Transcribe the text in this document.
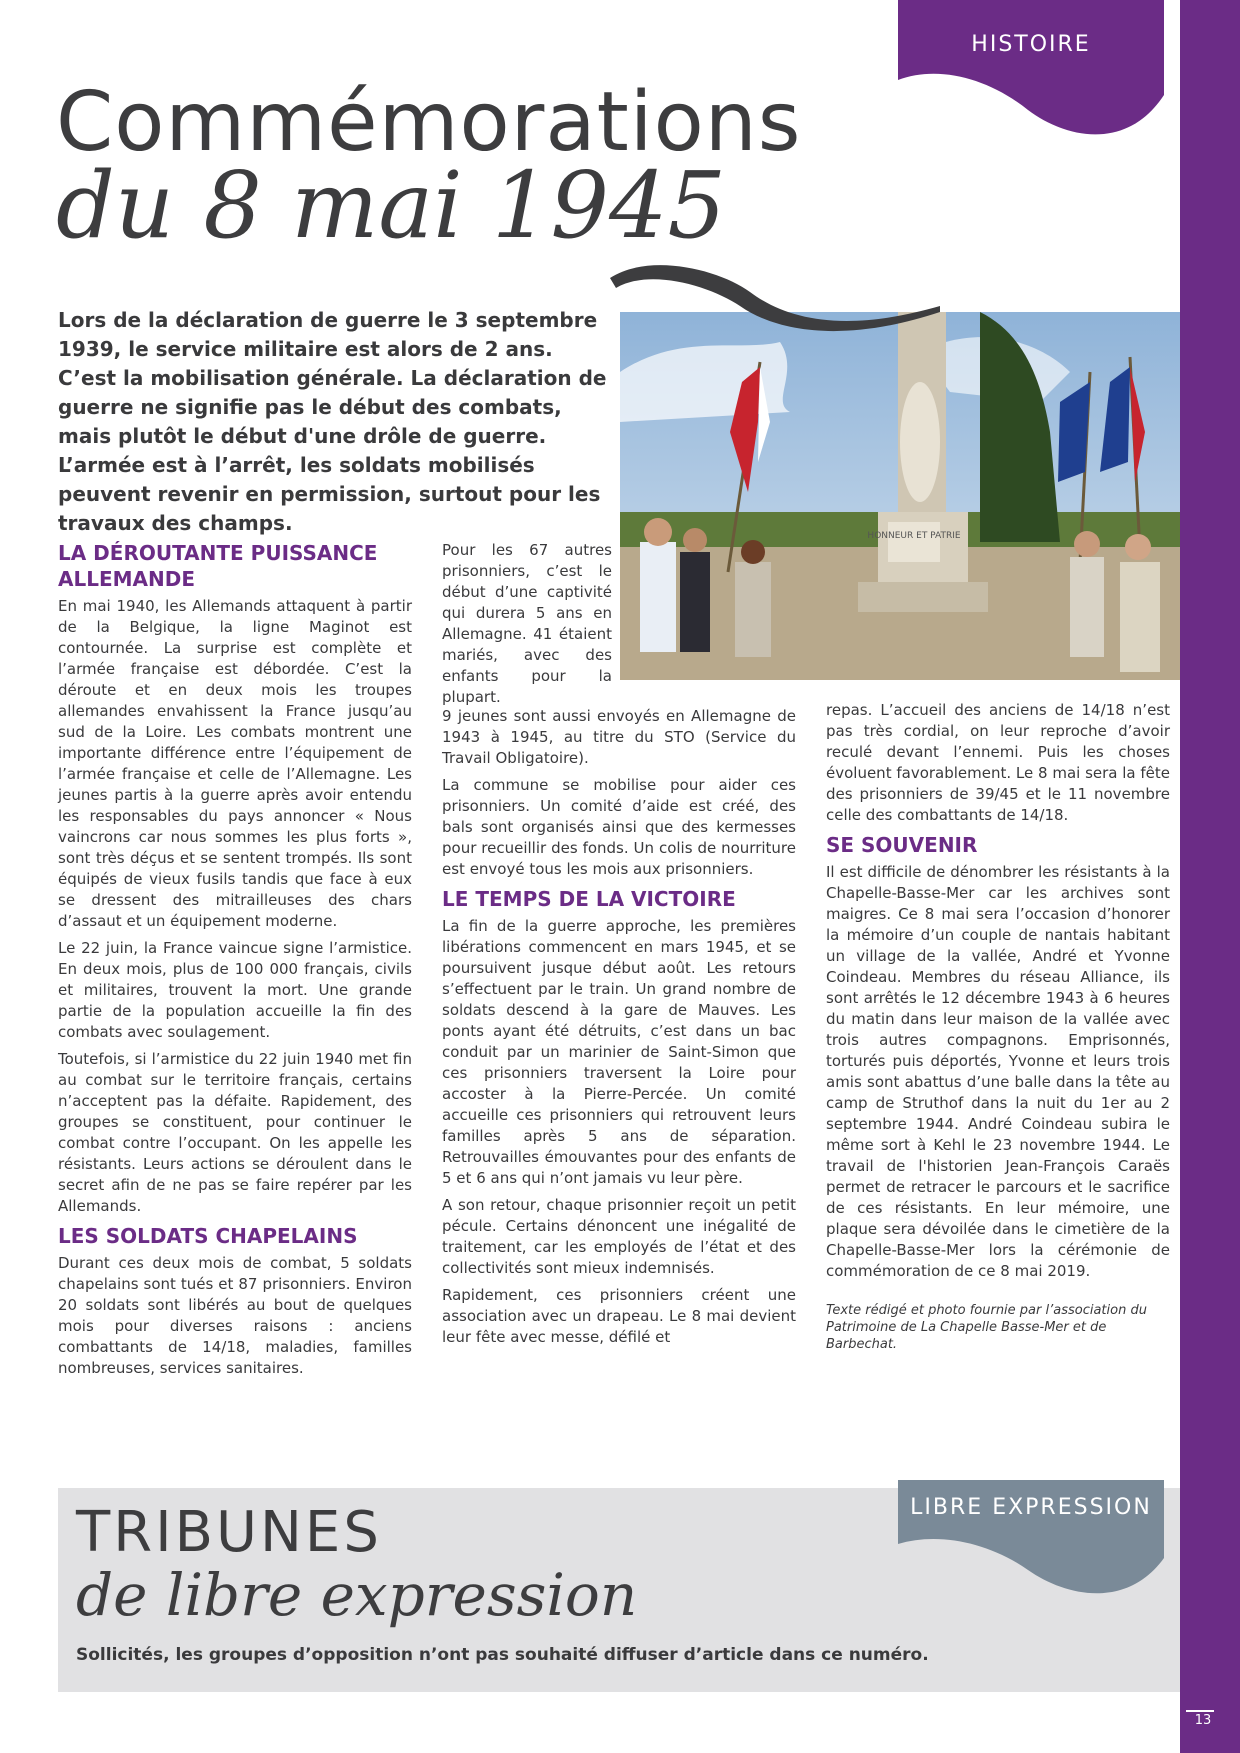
13
HISTOIRE
Commémorations
du 8 mai 1945

Lors de la déclaration de guerre le 3 septembre 1939, le service militaire est alors de 2 ans. C’est la mobilisation générale. La déclaration de guerre ne signifie pas le début des combats, mais plutôt le début d'une drôle de guerre. L’armée est à l’arrêt, les soldats mobilisés peuvent revenir en permission, surtout pour les travaux des champs.

HONNEUR ET PATRIE
LA DÉROUTANTE PUISSANCE ALLEMANDE

En mai 1940, les Allemands attaquent à partir de la Belgique, la ligne Maginot est contournée. La surprise est complète et l’armée française est débordée. C’est la déroute et en deux mois les troupes allemandes envahissent la France jusqu’au sud de la Loire. Les combats montrent une importante différence entre l’équipement de l’armée française et celle de l’Allemagne. Les jeunes partis à la guerre après avoir entendu les responsables du pays annoncer « Nous vaincrons car nous sommes les plus forts », sont très déçus et se sentent trompés. Ils sont équipés de vieux fusils tandis que face à eux se dressent des mitrailleuses des chars d’assaut et un équipement moderne.

Le 22 juin, la France vaincue signe l’armistice. En deux mois, plus de 100 000 français, civils et militaires, trouvent la mort. Une grande partie de la population accueille la fin des combats avec soulagement.

Toutefois, si l’armistice du 22 juin 1940 met fin au combat sur le territoire français, certains n’acceptent pas la défaite. Rapidement, des groupes se constituent, pour continuer le combat contre l’occupant. On les appelle les résistants. Leurs actions se déroulent dans le secret afin de ne pas se faire repérer par les Allemands.

LES SOLDATS CHAPELAINS

Durant ces deux mois de combat, 5 soldats chapelains sont tués et 87 prisonniers. Environ 20 soldats sont libérés au bout de quelques mois pour diverses raisons : anciens combattants de 14/18, maladies, familles nombreuses, services sanitaires.

Pour les 67 autres prisonniers, c’est le début d’une captivité qui durera 5 ans en Allemagne. 41 étaient mariés, avec des enfants pour la plupart.

9 jeunes sont aussi envoyés en Allemagne de 1943 à 1945, au titre du STO (Service du Travail Obligatoire).

La commune se mobilise pour aider ces prisonniers. Un comité d’aide est créé, des bals sont organisés ainsi que des kermesses pour recueillir des fonds. Un colis de nourriture est envoyé tous les mois aux prisonniers.

LE TEMPS DE LA VICTOIRE

La fin de la guerre approche, les premières libérations commencent en mars 1945, et se poursuivent jusque début août. Les retours s’effectuent par le train. Un grand nombre de soldats descend à la gare de Mauves. Les ponts ayant été détruits, c’est dans un bac conduit par un marinier de Saint-Simon que ces prisonniers traversent la Loire pour accoster à la Pierre-Percée. Un comité accueille ces prisonniers qui retrouvent leurs familles après 5 ans de séparation. Retrouvailles émouvantes pour des enfants de 5 et 6 ans qui n’ont jamais vu leur père.

A son retour, chaque prisonnier reçoit un petit pécule. Certains dénoncent une inégalité de traitement, car les employés de l’état et des collectivités sont mieux indemnisés.

Rapidement, ces prisonniers créent une association avec un drapeau. Le 8 mai devient leur fête avec messe, défilé et

repas. L’accueil des anciens de 14/18 n’est pas très cordial, on leur reproche d’avoir reculé devant l’ennemi. Puis les choses évoluent favorablement. Le 8 mai sera la fête des prisonniers de 39/45 et le 11 novembre celle des combattants de 14/18.

SE SOUVENIR

Il est difficile de dénombrer les résistants à la Chapelle-Basse-Mer car les archives sont maigres. Ce 8 mai sera l’occasion d’honorer la mémoire d’un couple de nantais habitant un village de la vallée, André et Yvonne Coindeau. Membres du réseau Alliance, ils sont arrêtés le 12 décembre 1943 à 6 heures du matin dans leur maison de la vallée avec trois autres compagnons. Emprisonnés, torturés puis déportés, Yvonne et leurs trois amis sont abattus d’une balle dans la tête au camp de Struthof dans la nuit du 1er au 2 septembre 1944. André Coindeau subira le même sort à Kehl le 23 novembre 1944. Le travail de l'historien Jean-François Caraës permet de retracer le parcours et le sacrifice de ces résistants. En leur mémoire, une plaque sera dévoilée dans le cimetière de la Chapelle-Basse-Mer lors la cérémonie de commémoration de ce 8 mai 2019.

Texte rédigé et photo fournie par l’association du Patrimoine de La Chapelle Basse-Mer et de Barbechat.

LIBRE EXPRESSION
TRIBUNES
de libre expression
Sollicités, les groupes d’opposition n’ont pas souhaité diffuser d’article dans ce numéro.
